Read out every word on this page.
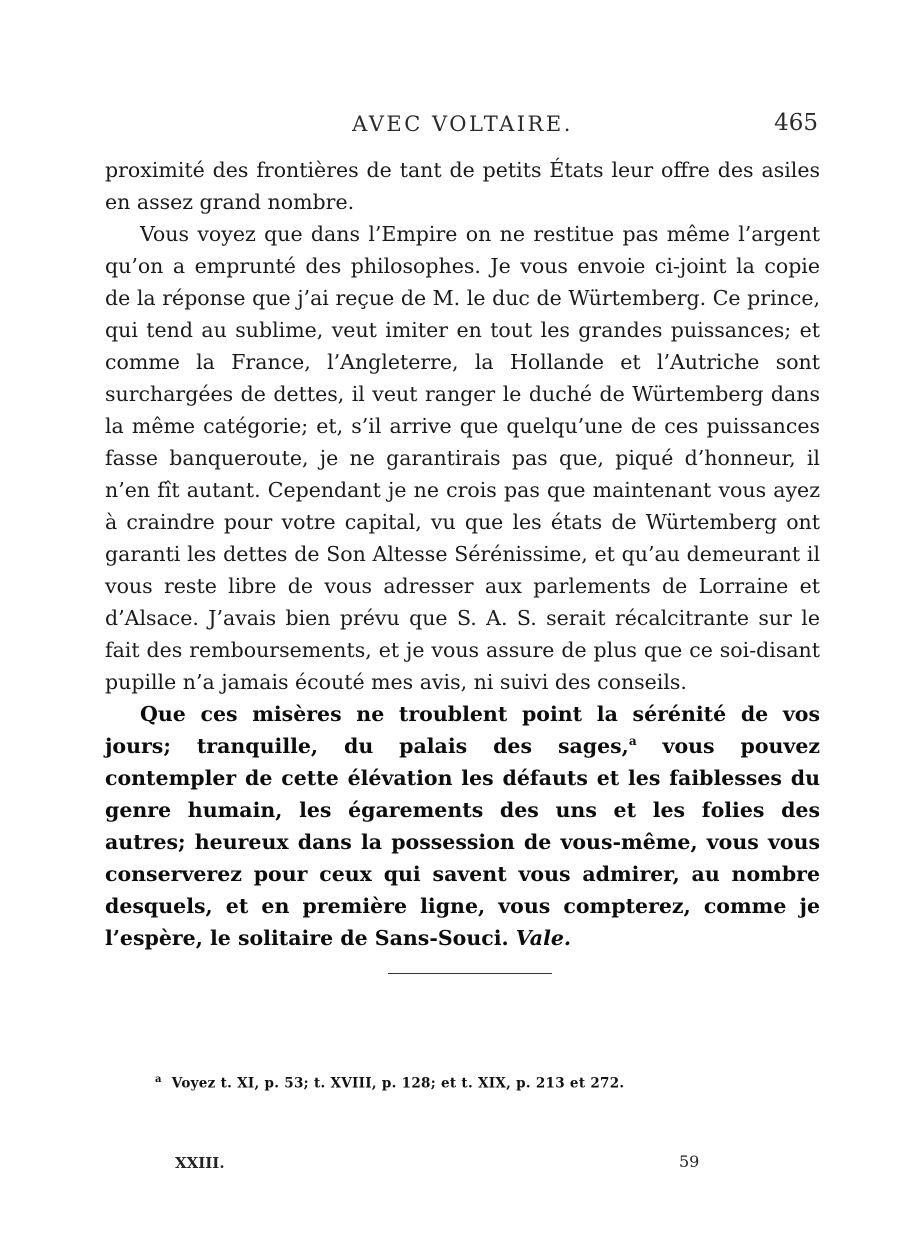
AVEC VOLTAIRE.	465

proximité des frontières de tant de petits États leur offre des asiles en assez grand nombre.

Vous voyez que dans l’Empire on ne restitue pas même l’argent qu’on a emprunté des philosophes. Je vous envoie ci-joint la copie de la réponse que j’ai reçue de M. le duc de Würtemberg. Ce prince, qui tend au sublime, veut imiter en tout les grandes puissances; et comme la France, l’Angleterre, la Hollande et l’Autriche sont surchargées de dettes, il veut ranger le duché de Würtemberg dans la même catégorie; et, s’il arrive que quelqu’une de ces puissances fasse banqueroute, je ne garantirais pas que, piqué d’honneur, il n’en fît autant. Cependant je ne crois pas que maintenant vous ayez à craindre pour votre capital, vu que les états de Würtemberg ont garanti les dettes de Son Altesse Sérénissime, et qu’au demeurant il vous reste libre de vous adresser aux parlements de Lorraine et d’Alsace. J’avais bien prévu que S. A. S. serait récalcitrante sur le fait des remboursements, et je vous assure de plus que ce soi-disant pupille n’a jamais écouté mes avis, ni suivi des conseils.

Que ces misères ne troublent point la sérénité de vos jours; tranquille, du palais des sages,$^a$ vous pouvez contempler de cette élévation les défauts et les faiblesses du genre humain, les égarements des uns et les folies des autres; heureux dans la possession de vous-même, vous vous conserverez pour ceux qui savent vous admirer, au nombre desquels, et en première ligne, vous compterez, comme je l’espère, le solitaire de Sans-Souci. Vale.

$^a$ Voyez t. XI, p. 53; t. XVIII, p. 128; et t. XIX, p. 213 et 272.
XXIII.	59
